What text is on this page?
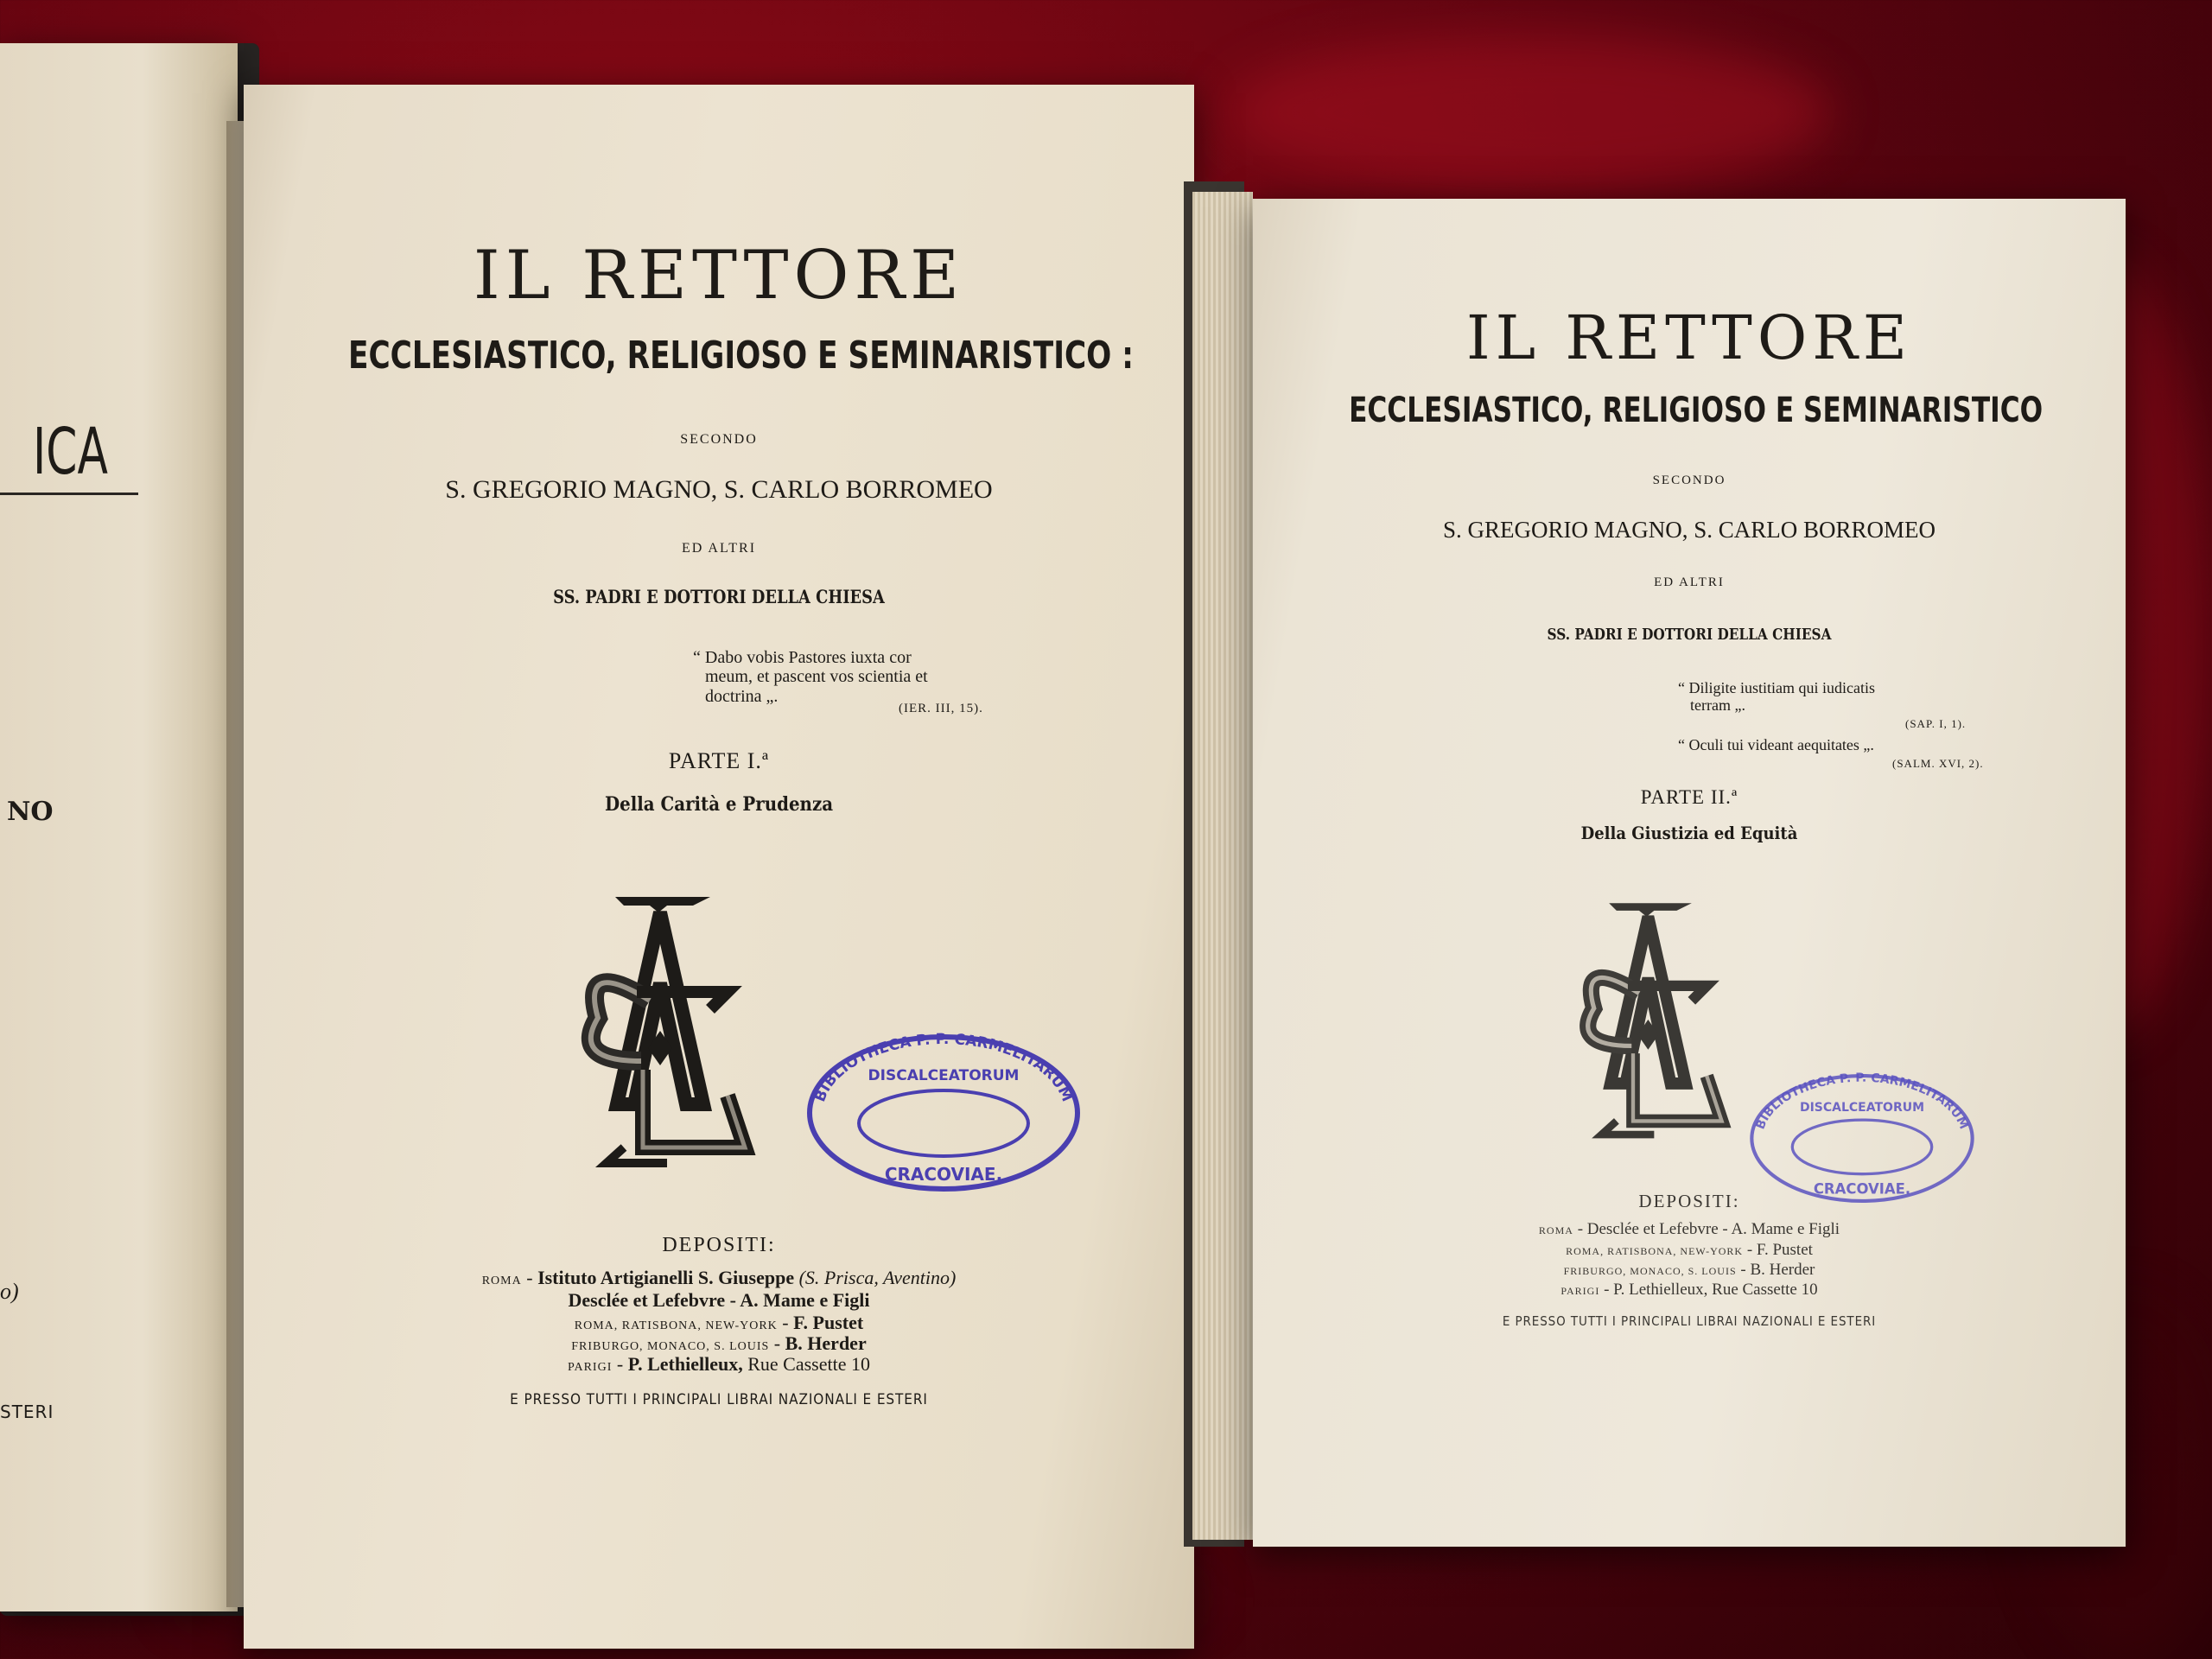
ICA
NO
o)
STERI
IL RETTORE
ECCLESIASTICO, RELIGIOSO E SEMINARISTICO :
SECONDO
S. GREGORIO MAGNO, S. CARLO BORROMEO
ED ALTRI
SS. PADRI E DOTTORI DELLA CHIESA
“ Dabo vobis Pastores iuxta cor
meum, et pascent vos scientia et
doctrina „.
(IER. III, 15).
PARTE I.ª
Della Carità e Prudenza
BIBLIOTHECA P. P. CARMELITARUM
DISCALCEATORUM
CRACOVIAE.
DEPOSITI:
ROMA - Istituto Artigianelli S. Giuseppe (S. Prisca, Aventino)
Desclée et Lefebvre - A. Mame e Figli
ROMA, RATISBONA, NEW-YORK - F. Pustet
FRIBURGO, MONACO, S. LOUIS - B. Herder
PARIGI - P. Lethielleux, Rue Cassette 10
E PRESSO TUTTI I PRINCIPALI LIBRAI NAZIONALI E ESTERI
IL RETTORE
ECCLESIASTICO, RELIGIOSO E SEMINARISTICO
SECONDO
S. GREGORIO MAGNO, S. CARLO BORROMEO
ED ALTRI
SS. PADRI E DOTTORI DELLA CHIESA
“ Diligite iustitiam qui iudicatis
terram „.
(SAP. I, 1).
“ Oculi tui videant aequitates „.
(SALM. XVI, 2).
PARTE II.ª
Della Giustizia ed Equità
BIBLIOTHECA P. P. CARMELITARUM
DISCALCEATORUM
CRACOVIAE.
DEPOSITI:
ROMA - Desclée et Lefebvre - A. Mame e Figli
ROMA, RATISBONA, NEW-YORK - F. Pustet
FRIBURGO, MONACO, S. LOUIS - B. Herder
PARIGI - P. Lethielleux, Rue Cassette 10
E PRESSO TUTTI I PRINCIPALI LIBRAI NAZIONALI E ESTERI
